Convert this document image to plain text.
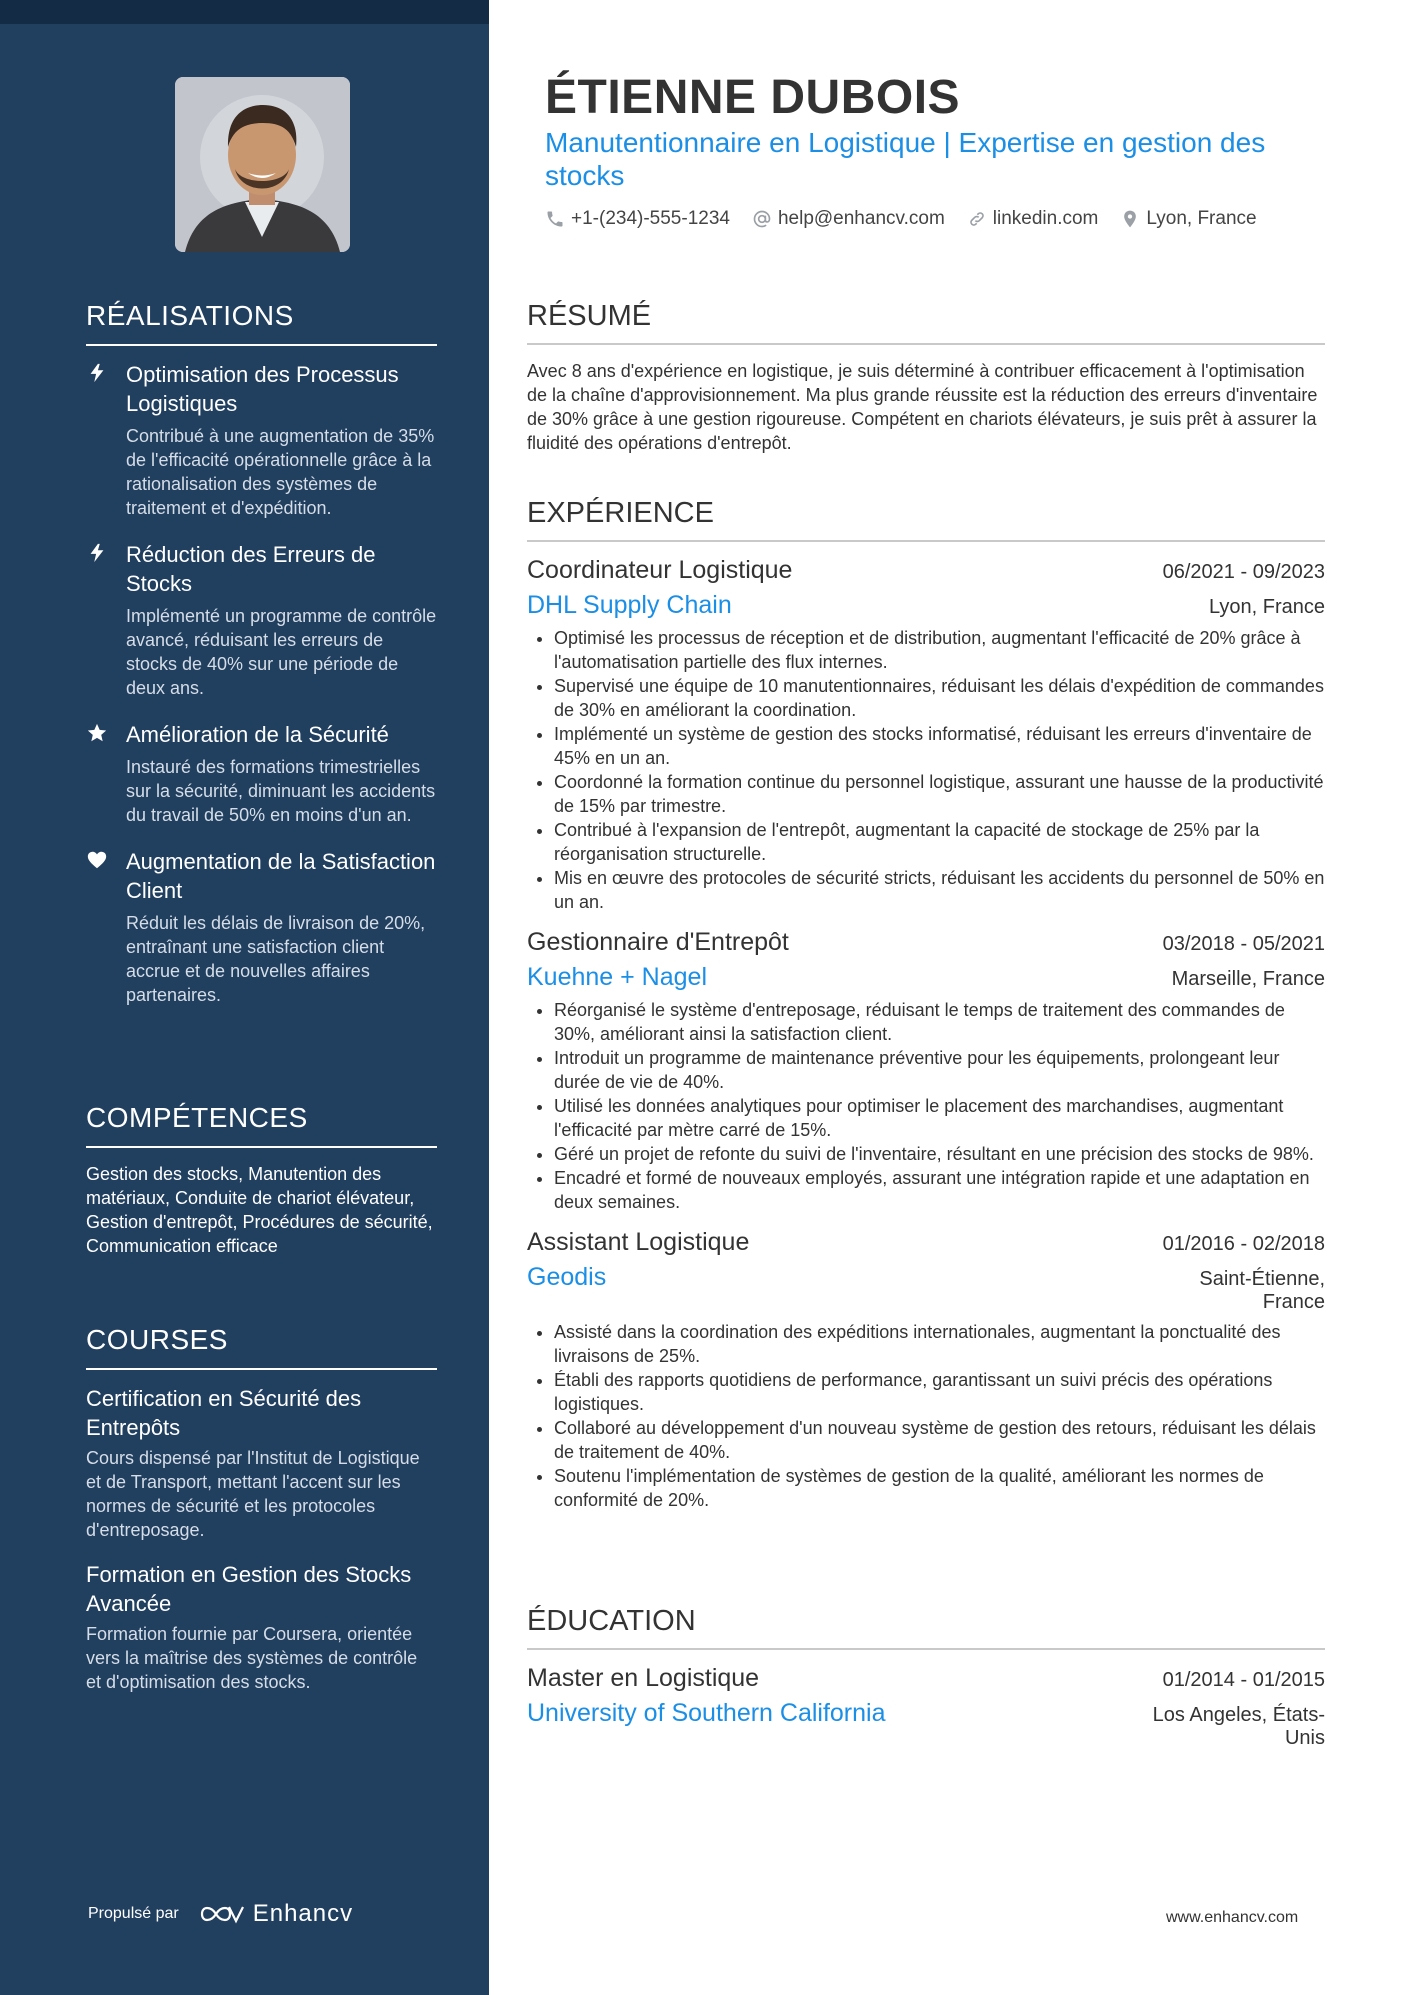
RÉALISATIONS
Optimisation des Processus Logistiques
Contribué à une augmentation de 35% de l'efficacité opérationnelle grâce à la rationalisation des systèmes de traitement et d'expédition.
Réduction des Erreurs de Stocks
Implémenté un programme de contrôle avancé, réduisant les erreurs de stocks de 40% sur une période de deux ans.
Amélioration de la Sécurité
Instauré des formations trimestrielles sur la sécurité, diminuant les accidents du travail de 50% en moins d'un an.
Augmentation de la Satisfaction Client
Réduit les délais de livraison de 20%, entraînant une satisfaction client accrue et de nouvelles affaires partenaires.
COMPÉTENCES
Gestion des stocks, Manutention des matériaux, Conduite de chariot élévateur, Gestion d'entrepôt, Procédures de sécurité, Communication efficace
COURSES
Certification en Sécurité des Entrepôts
Cours dispensé par l'Institut de Logistique et de Transport, mettant l'accent sur les normes de sécurité et les protocoles d'entreposage.
Formation en Gestion des Stocks Avancée
Formation fournie par Coursera, orientée vers la maîtrise des systèmes de contrôle et d'optimisation des stocks.
Propulsé par	Enhancv
ÉTIENNE DUBOIS
Manutentionnaire en Logistique | Expertise en gestion des stocks
+1-(234)-555-1234	help@enhancv.com	linkedin.com	Lyon, France
RÉSUMÉ
Avec 8 ans d'expérience en logistique, je suis déterminé à contribuer efficacement à l'optimisation de la chaîne d'approvisionnement. Ma plus grande réussite est la réduction des erreurs d'inventaire de 30% grâce à une gestion rigoureuse. Compétent en chariots élévateurs, je suis prêt à assurer la fluidité des opérations d'entrepôt.
EXPÉRIENCE
Coordinateur Logistique	06/2021 - 09/2023
DHL Supply Chain	Lyon, France
• Optimisé les processus de réception et de distribution, augmentant l'efficacité de 20% grâce à l'automatisation partielle des flux internes.
• Supervisé une équipe de 10 manutentionnaires, réduisant les délais d'expédition de commandes de 30% en améliorant la coordination.
• Implémenté un système de gestion des stocks informatisé, réduisant les erreurs d'inventaire de 45% en un an.
• Coordonné la formation continue du personnel logistique, assurant une hausse de la productivité de 15% par trimestre.
• Contribué à l'expansion de l'entrepôt, augmentant la capacité de stockage de 25% par la réorganisation structurelle.
• Mis en œuvre des protocoles de sécurité stricts, réduisant les accidents du personnel de 50% en un an.
Gestionnaire d'Entrepôt	03/2018 - 05/2021
Kuehne + Nagel	Marseille, France
• Réorganisé le système d'entreposage, réduisant le temps de traitement des commandes de 30%, améliorant ainsi la satisfaction client.
• Introduit un programme de maintenance préventive pour les équipements, prolongeant leur durée de vie de 40%.
• Utilisé les données analytiques pour optimiser le placement des marchandises, augmentant l'efficacité par mètre carré de 15%.
• Géré un projet de refonte du suivi de l'inventaire, résultant en une précision des stocks de 98%.
• Encadré et formé de nouveaux employés, assurant une intégration rapide et une adaptation en deux semaines.
Assistant Logistique	01/2016 - 02/2018
Geodis	Saint-Étienne, France
• Assisté dans la coordination des expéditions internationales, augmentant la ponctualité des livraisons de 25%.
• Établi des rapports quotidiens de performance, garantissant un suivi précis des opérations logistiques.
• Collaboré au développement d'un nouveau système de gestion des retours, réduisant les délais de traitement de 40%.
• Soutenu l'implémentation de systèmes de gestion de la qualité, améliorant les normes de conformité de 20%.
ÉDUCATION
Master en Logistique	01/2014 - 01/2015
University of Southern California	Los Angeles, États-Unis
www.enhancv.com
